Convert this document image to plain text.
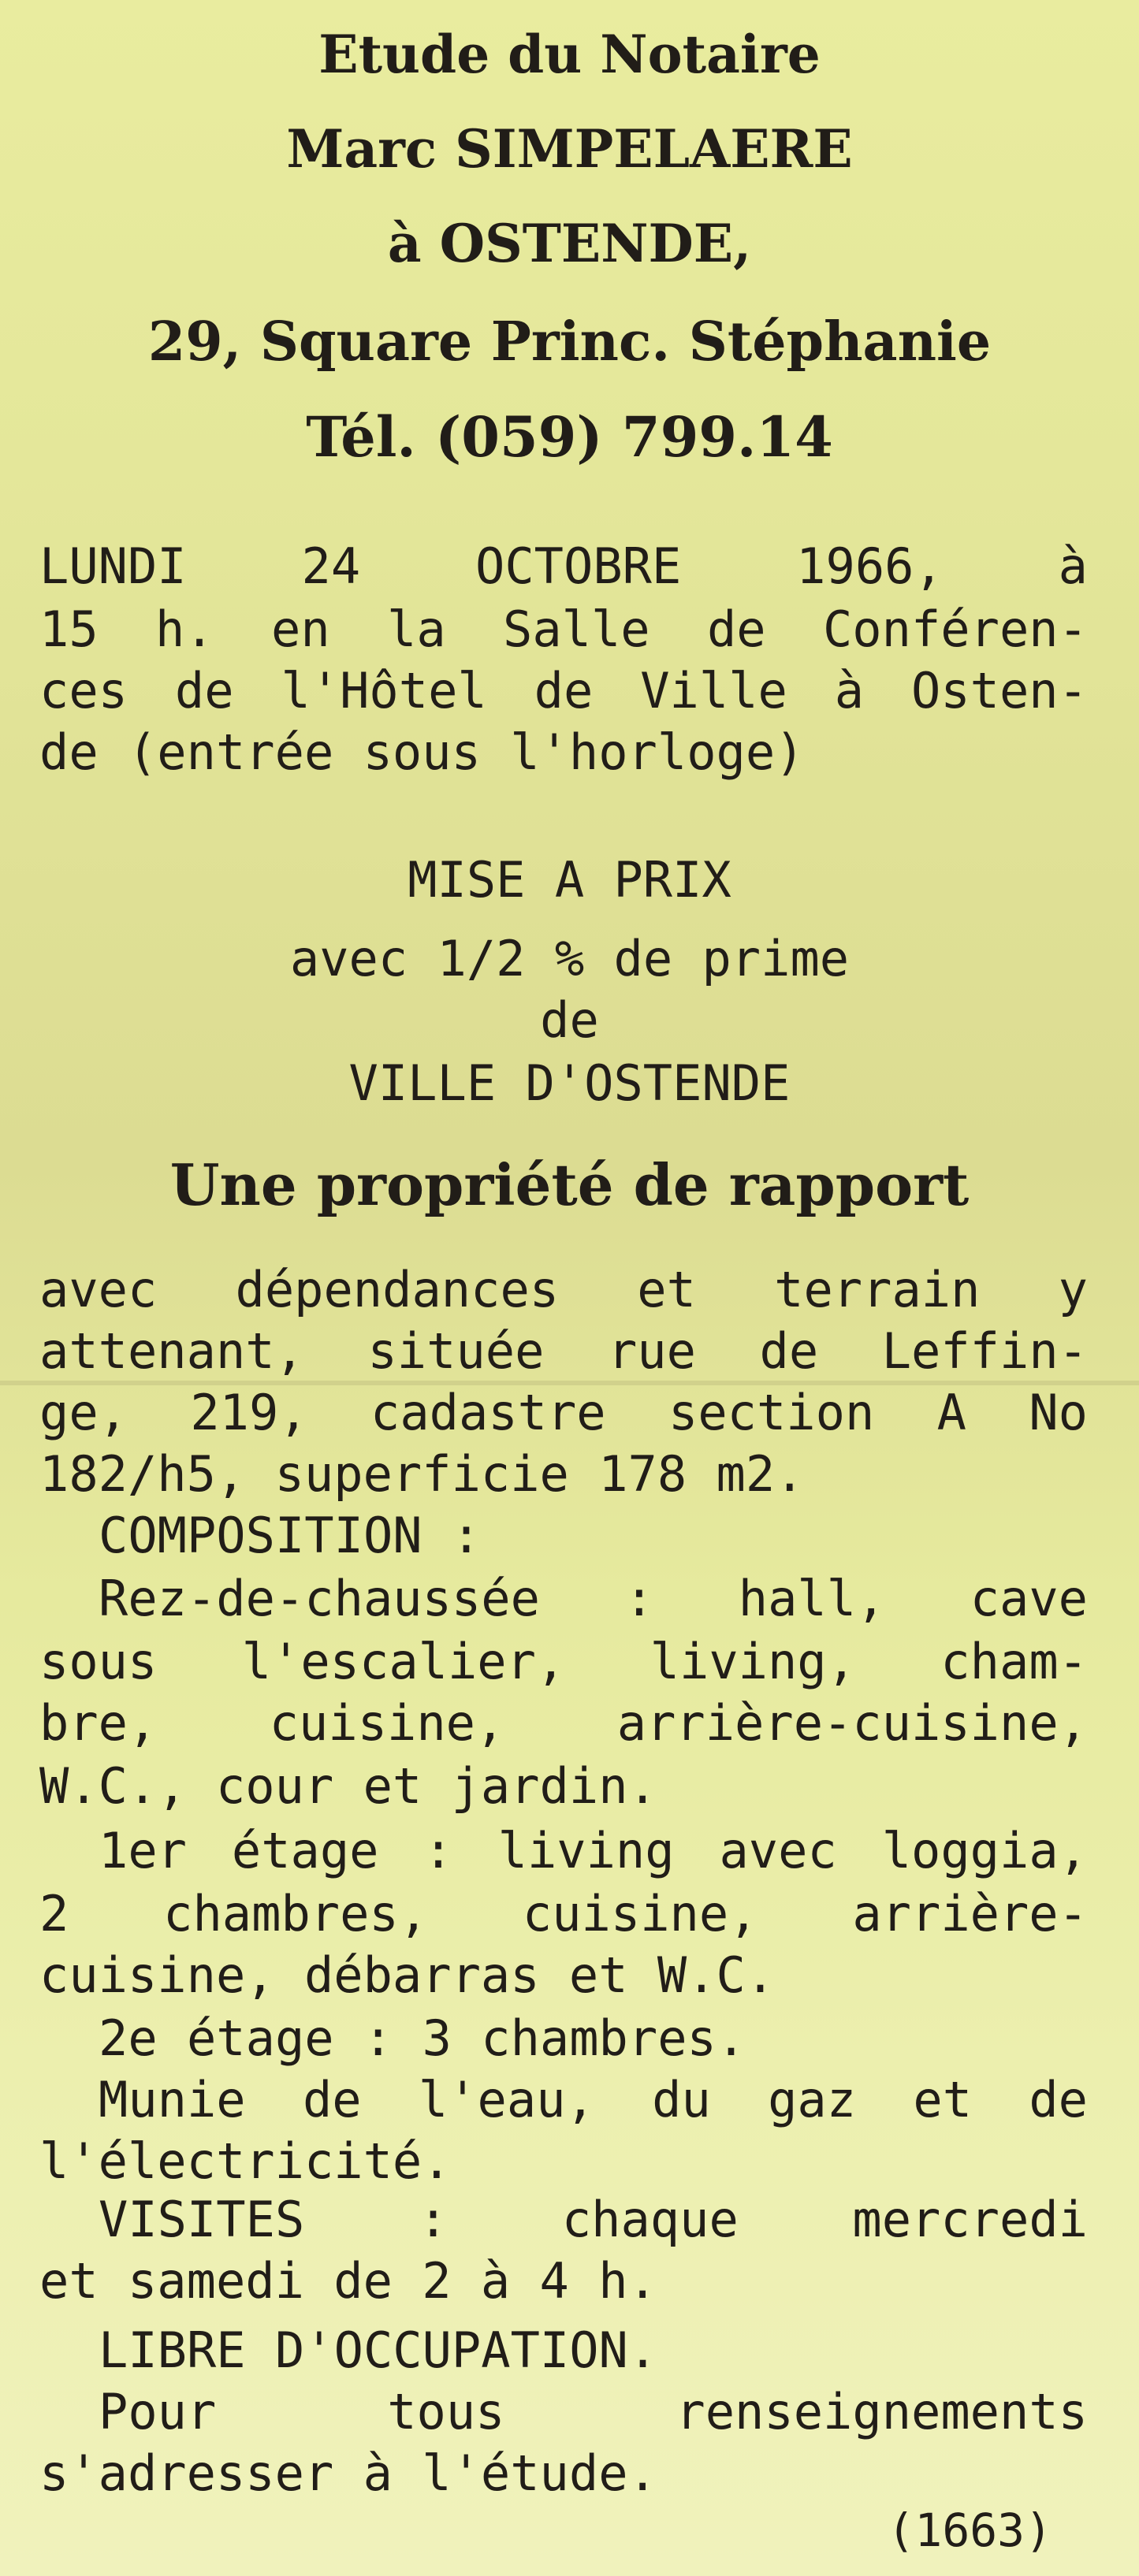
Etude du Notaire
Marc SIMPELAERE
à OSTENDE,
29, Square Princ. Stéphanie
Tél. (059) 799.14
LUNDI 24 OCTOBRE 1966, à
15 h. en la Salle de Conféren-
ces de l'Hôtel de Ville à Osten-
de (entrée sous l'horloge)
MISE A PRIX
avec 1/2 % de prime
de
VILLE D'OSTENDE
Une propriété de rapport
avec dépendances et terrain y
attenant, située rue de Leffin-
ge, 219, cadastre section A No
182/h5, superficie 178 m2.
COMPOSITION :
Rez-de-chaussée : hall, cave
sous l'escalier, living, cham-
bre, cuisine, arrière-cuisine,
W.C., cour et jardin.
1er étage : living avec loggia,
2 chambres, cuisine, arrière-
cuisine, débarras et W.C.
2e étage : 3 chambres.
Munie de l'eau, du gaz et de
l'électricité.
VISITES : chaque mercredi
et samedi de 2 à 4 h.
LIBRE D'OCCUPATION.
Pour	tous	renseignements
s'adresser à l'étude.
(1663)
